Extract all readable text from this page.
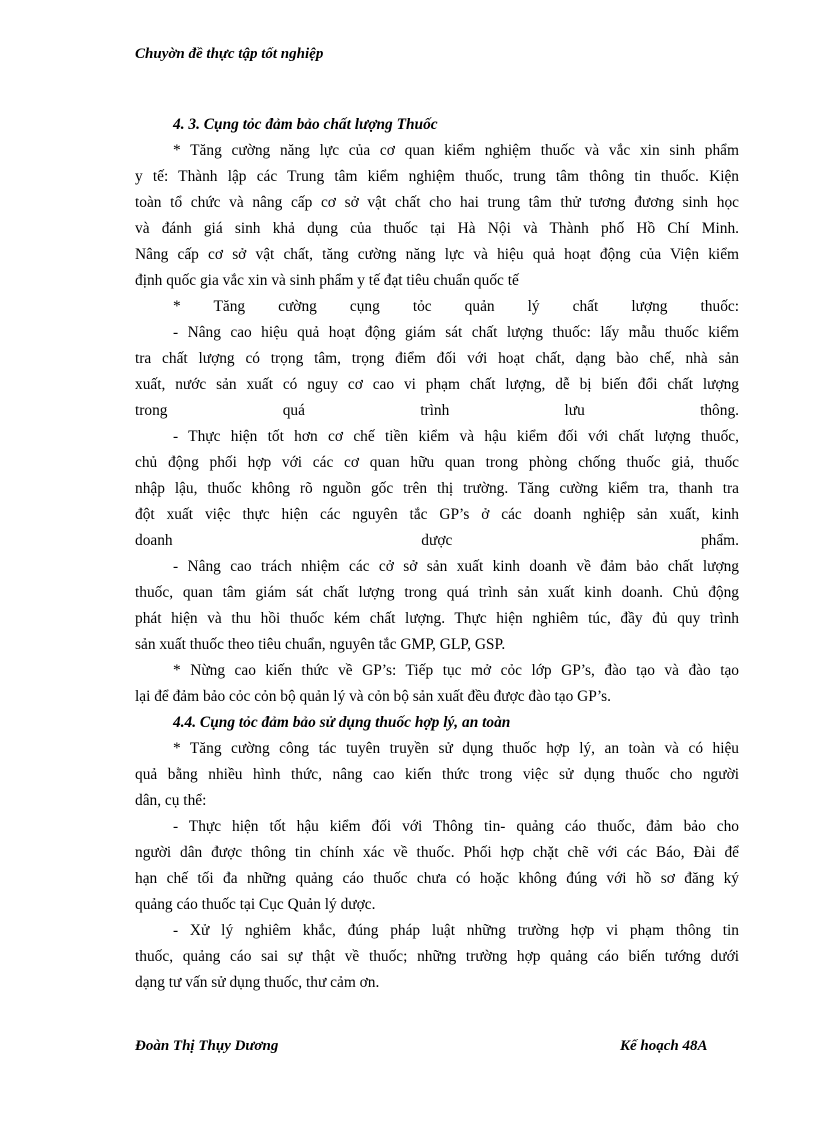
Chuyờn đề thực tập tốt nghiệp

4. 3. Cụng tỏc đảm bảo chất lượng Thuốc

* Tăng cường năng lực của cơ quan kiểm nghiệm thuốc và vắc xin sinh phẩm
y tế: Thành lập các Trung tâm kiểm nghiệm thuốc, trung tâm thông tin thuốc. Kiện
toàn tổ chức và nâng cấp cơ sở vật chất cho hai trung tâm thử tương đương sinh học
và đánh giá sinh khả dụng của thuốc tại Hà Nội và Thành phố Hồ Chí Minh.
Nâng cấp cơ sở vật chất, tăng cường năng lực và hiệu quả hoạt động của Viện kiểm
định quốc gia vắc xin và sinh phẩm y tế đạt tiêu chuẩn quốc tế
* Tăng cường cụng tỏc quản lý chất lượng thuốc:
- Nâng cao hiệu quả hoạt động giám sát chất lượng thuốc: lấy mẫu thuốc kiểm
tra chất lượng có trọng tâm, trọng điểm đối với hoạt chất, dạng bào chế, nhà sản
xuất, nước sản xuất có nguy cơ cao vi phạm chất lượng, dễ bị biến đổi chất lượng
trong quá trình lưu thông.
- Thực hiện tốt hơn cơ chế tiền kiểm và hậu kiểm đối với chất lượng thuốc,
chủ động phối hợp với các cơ quan hữu quan trong phòng chống thuốc giả, thuốc
nhập lậu, thuốc không rõ nguồn gốc trên thị trường. Tăng cường kiểm tra, thanh tra
đột xuất việc thực hiện các nguyên tắc GP’s ở các doanh nghiệp sản xuất, kinh
doanh dược phẩm.
- Nâng cao trách nhiệm các cở sở sản xuất kinh doanh về đảm bảo chất lượng
thuốc, quan tâm giám sát chất lượng trong quá trình sản xuất kinh doanh. Chủ động
phát hiện và thu hồi thuốc kém chất lượng. Thực hiện nghiêm túc, đầy đủ quy trình
sản xuất thuốc theo tiêu chuẩn, nguyên tắc GMP, GLP, GSP.
* Nừng cao kiến thức về GP’s: Tiếp tục mở cỏc lớp GP’s, đào tạo và đào tạo
lại để đảm bảo cỏc cỏn bộ quản lý và cỏn bộ sản xuất đều được đào tạo GP’s.

4.4. Cụng tỏc đảm bảo sử dụng thuốc hợp lý, an toàn

* Tăng cường công tác tuyên truyền sử dụng thuốc hợp lý, an toàn và có hiệu
quả bằng nhiều hình thức, nâng cao kiến thức trong việc sử dụng thuốc cho người
dân, cụ thể:
- Thực hiện tốt hậu kiểm đối với Thông tin- quảng cáo thuốc, đảm bảo cho
người dân được thông tin chính xác về thuốc. Phối hợp chặt chẽ với các Báo, Đài để
hạn chế tối đa những quảng cáo thuốc chưa có hoặc không đúng với hồ sơ đăng ký
quảng cáo thuốc tại Cục Quản lý dược.
- Xử lý nghiêm khắc, đúng pháp luật những trường hợp vi phạm thông tin
thuốc, quảng cáo sai sự thật về thuốc; những trường hợp quảng cáo biến tướng dưới
dạng tư vấn sử dụng thuốc, thư cảm ơn.
Đoàn Thị Thụy Dương	Kế hoạch 48A
